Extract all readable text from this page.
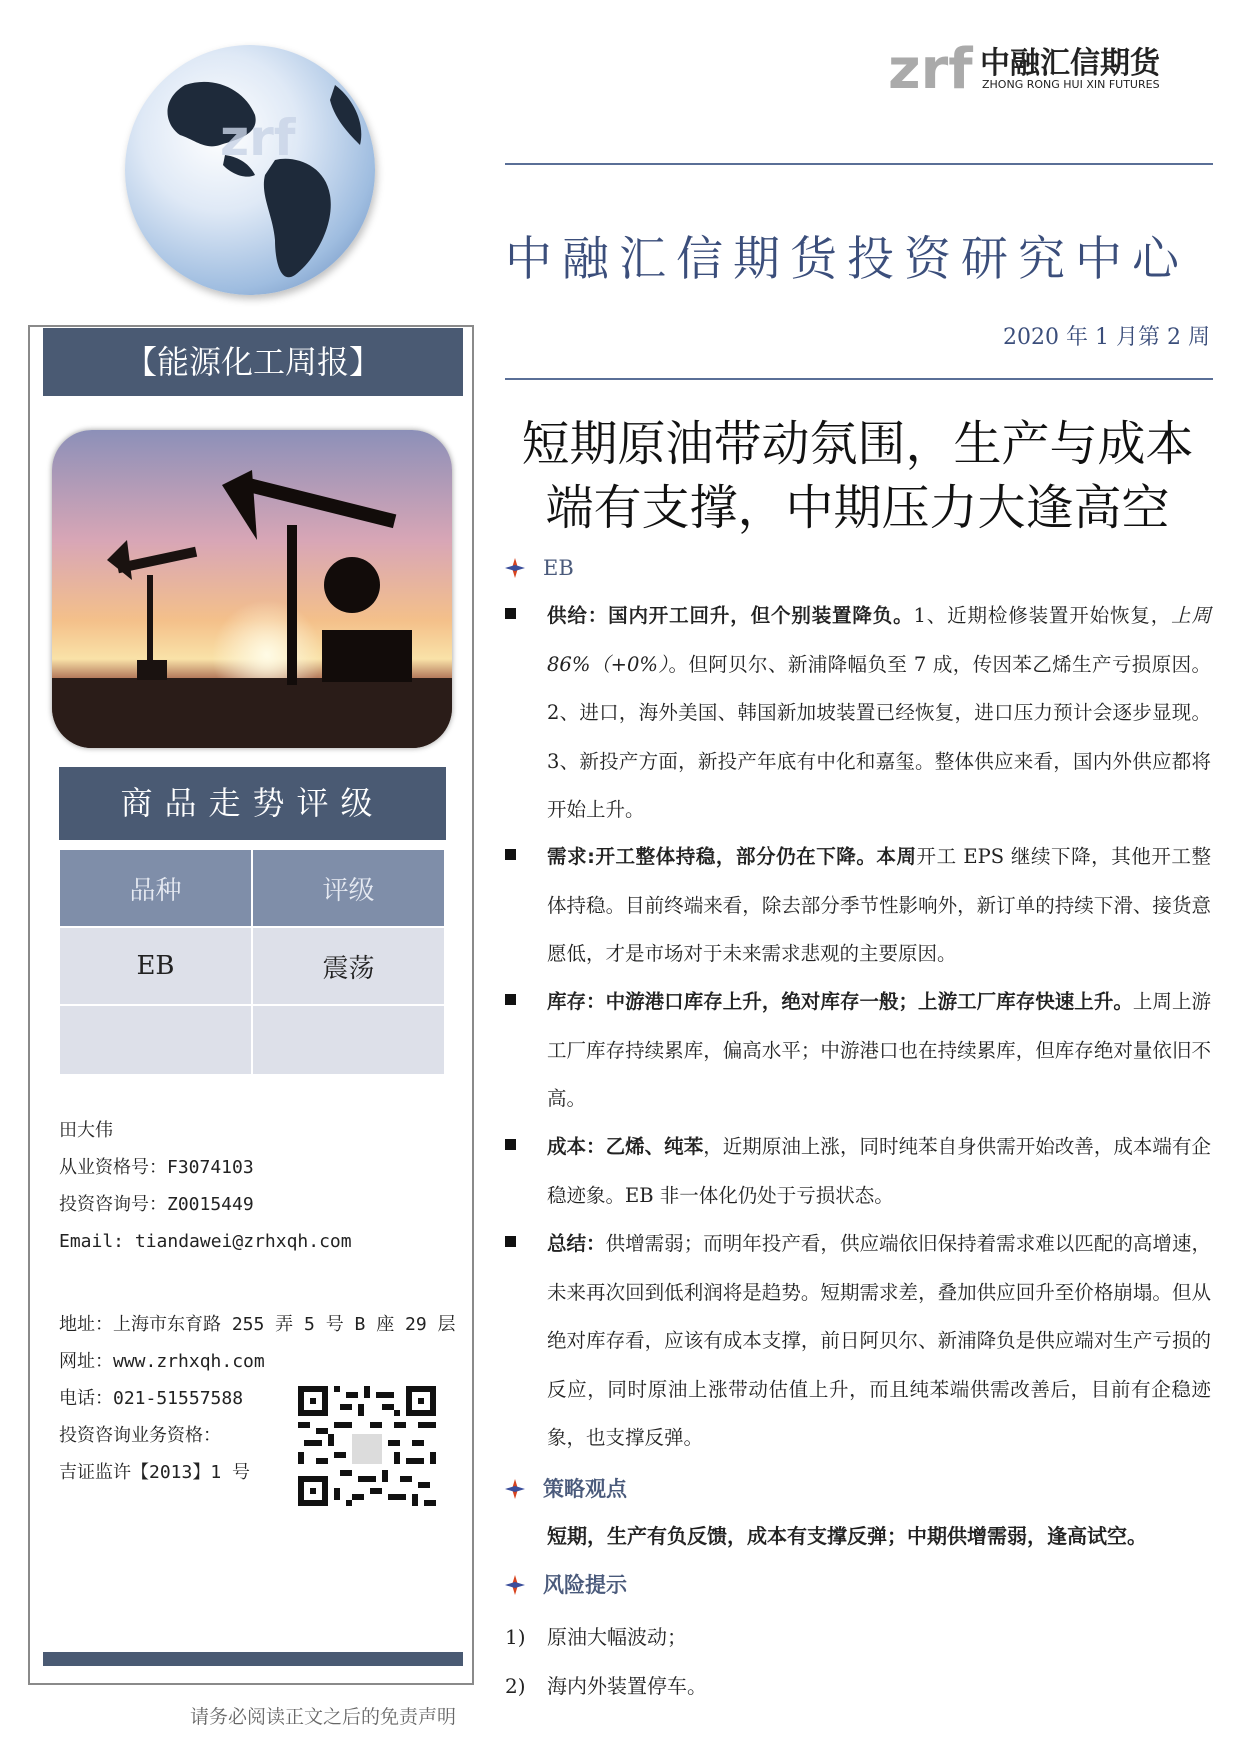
zrf
zrf 中融汇信期货
ZHONG RONG HUI XIN FUTURES
中融汇信期货投资研究中心
2020 年 1 月第 2 周
短期原油带动氛围，生产与成本
端有支撑，中期压力大逢高空
【能源化工周报】
商品走势评级
品种	评级
EB	震荡

田大伟
从业资格号：F3074103
投资咨询号：Z0015449
Email: tiandawei@zrhxqh.com
地址：上海市东育路 255 弄 5 号 B 座 29 层
网址：www.zrhxqh.com
电话：021-51557588
投资咨询业务资格：
吉证监许【2013】1 号
请务必阅读正文之后的免责声明
EB
供给：国内开工回升，但个别装置降负。1、近期检修装置开始恢复，上周 86%（+0%）。但阿贝尔、新浦降幅负至 7 成，传因苯乙烯生产亏损原因。2、进口，海外美国、韩国新加坡装置已经恢复，进口压力预计会逐步显现。3、新投产方面，新投产年底有中化和嘉玺。整体供应来看，国内外供应都将开始上升。
需求:开工整体持稳，部分仍在下降。本周开工 EPS 继续下降，其他开工整体持稳。目前终端来看，除去部分季节性影响外，新订单的持续下滑、接货意愿低，才是市场对于未来需求悲观的主要原因。
库存：中游港口库存上升，绝对库存一般；上游工厂库存快速上升。上周上游工厂库存持续累库，偏高水平；中游港口也在持续累库，但库存绝对量依旧不高。
成本：乙烯、纯苯，近期原油上涨，同时纯苯自身供需开始改善，成本端有企稳迹象。EB 非一体化仍处于亏损状态。
总结：供增需弱；而明年投产看，供应端依旧保持着需求难以匹配的高增速，未来再次回到低利润将是趋势。短期需求差，叠加供应回升至价格崩塌。但从绝对库存看，应该有成本支撑，前日阿贝尔、新浦降负是供应端对生产亏损的反应，同时原油上涨带动估值上升，而且纯苯端供需改善后，目前有企稳迹象，也支撑反弹。
策略观点
短期，生产有负反馈，成本有支撑反弹；中期供增需弱，逢高试空。
风险提示
1) 原油大幅波动；
2) 海内外装置停车。
